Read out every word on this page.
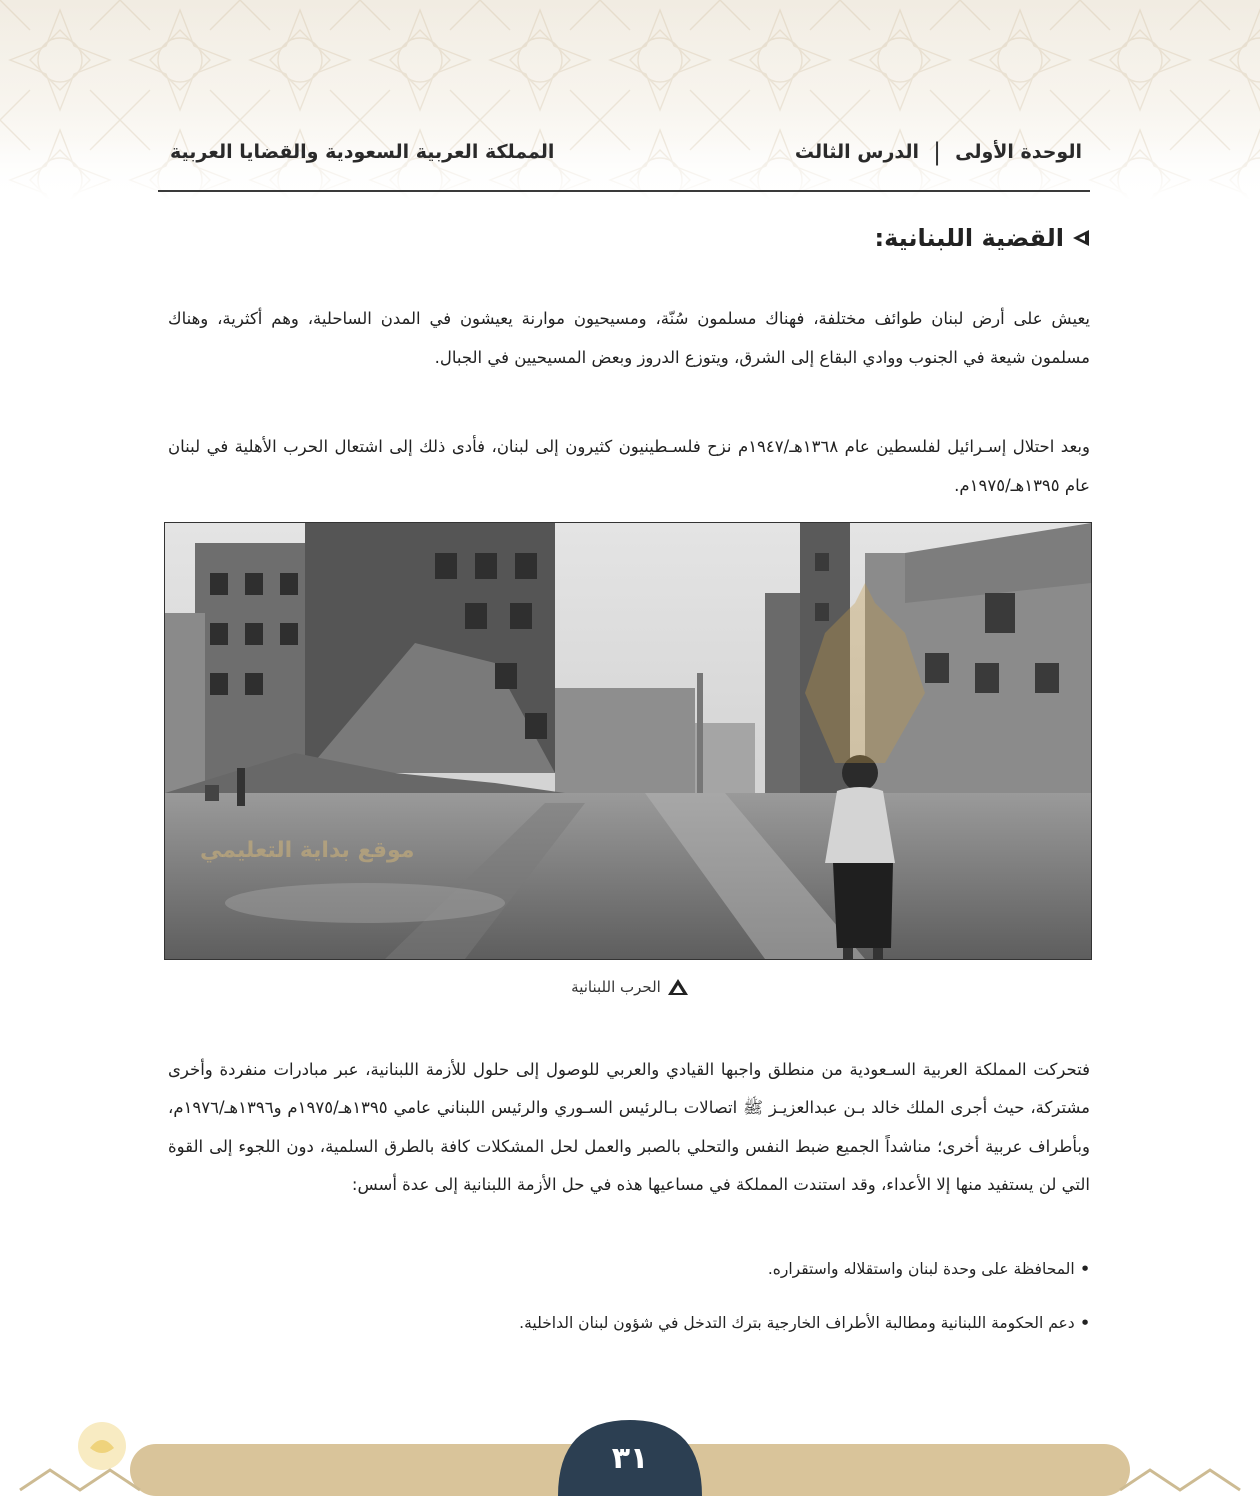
الوحدة الأولى
|
الدرس الثالث
المملكة العربية السعودية والقضايا العربية
القضية اللبنانية:

يعيش على أرض لبنان طوائف مختلفة، فهناك مسلمون سُنّة، ومسيحيون موارنة يعيشون في المدن الساحلية، وهم أكثرية، وهناك مسلمون شيعة في الجنوب ووادي البقاع إلى الشرق، ويتوزع الدروز وبعض المسيحيين في الجبال.

وبعد احتلال إسـرائيل لفلسطين عام ١٣٦٨هـ/١٩٤٧م نزح فلسـطينيون كثيرون إلى لبنان، فأدى ذلك إلى اشتعال الحرب الأهلية في لبنان عام ١٣٩٥هـ/١٩٧٥م.

موقع بداية التعليمي
الحرب اللبنانية

فتحركت المملكة العربية السـعودية من منطلق واجبها القيادي والعربي للوصول إلى حلول للأزمة اللبنانية، عبر مبادرات منفردة وأخرى مشتركة، حيث أجرى الملك خالد بـن عبدالعزيـز ﷺ اتصالات بـالرئيس السـوري والرئيس اللبناني عامي ١٣٩٥هـ/١٩٧٥م و١٣٩٦هـ/١٩٧٦م، وبأطراف عربية أخرى؛ مناشداً الجميع ضبط النفس والتحلي بالصبر والعمل لحل المشكلات كافة بالطرق السلمية، دون اللجوء إلى القوة التي لن يستفيد منها إلا الأعداء، وقد استندت المملكة في مساعيها هذه في حل الأزمة اللبنانية إلى عدة أسس:

• المحافظة على وحدة لبنان واستقلاله واستقراره.
• دعم الحكومة اللبنانية ومطالبة الأطراف الخارجية بترك التدخل في شؤون لبنان الداخلية.
٣١
